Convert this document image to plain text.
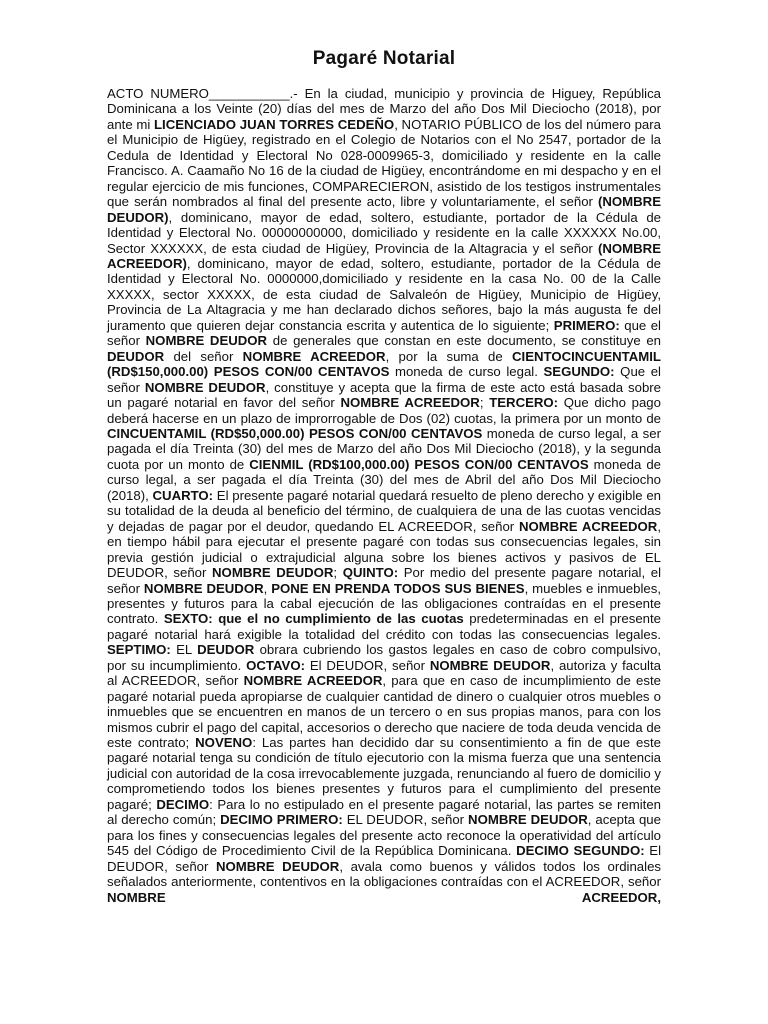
Pagaré Notarial

ACTO NUMERO___________.- En la ciudad, municipio y provincia de Higuey, República Dominicana a los Veinte (20) días del mes de Marzo del año Dos Mil Dieciocho (2018), por ante mi LICENCIADO JUAN TORRES CEDEÑO, NOTARIO PÚBLICO de los del número para el Municipio de Higüey, registrado en el Colegio de Notarios con el No 2547, portador de la Cedula de Identidad y Electoral No 028-0009965-3, domiciliado y residente en la calle Francisco. A. Caamaño No 16 de la ciudad de Higüey, encontrándome en mi despacho y en el regular ejercicio de mis funciones, COMPARECIERON, asistido de los testigos instrumentales que serán nombrados al final del presente acto, libre y voluntariamente, el señor (NOMBRE DEUDOR), dominicano, mayor de edad, soltero, estudiante, portador de la Cédula de Identidad y Electoral No. 00000000000, domiciliado y residente en la calle XXXXXX No.00, Sector XXXXXX, de esta ciudad de Higüey, Provincia de la Altagracia y el señor (NOMBRE ACREEDOR), dominicano, mayor de edad, soltero, estudiante, portador de la Cédula de Identidad y Electoral No. 0000000,domiciliado y residente en la casa No. 00 de la Calle XXXXX, sector XXXXX, de esta ciudad de Salvaleón de Higüey, Municipio de Higüey, Provincia de La Altagracia y me han declarado dichos señores, bajo la más augusta fe del juramento que quieren dejar constancia escrita y autentica de lo siguiente; PRIMERO: que el señor NOMBRE DEUDOR de generales que constan en este documento, se constituye en DEUDOR del señor NOMBRE ACREEDOR, por la suma de CIENTOCINCUENTAMIL (RD$150,000.00) PESOS CON/00 CENTAVOS moneda de curso legal. SEGUNDO: Que el señor NOMBRE DEUDOR, constituye y acepta que la firma de este acto está basada sobre un pagaré notarial en favor del señor NOMBRE ACREEDOR; TERCERO: Que dicho pago deberá hacerse en un plazo de improrrogable de Dos (02) cuotas, la primera por un monto de CINCUENTAMIL (RD$50,000.00) PESOS CON/00 CENTAVOS moneda de curso legal, a ser pagada el día Treinta (30) del mes de Marzo del año Dos Mil Dieciocho (2018), y la segunda cuota por un monto de CIENMIL (RD$100,000.00) PESOS CON/00 CENTAVOS moneda de curso legal, a ser pagada el día Treinta (30) del mes de Abril del año Dos Mil Dieciocho (2018), CUARTO: El presente pagaré notarial quedará resuelto de pleno derecho y exigible en su totalidad de la deuda al beneficio del término, de cualquiera de una de las cuotas vencidas y dejadas de pagar por el deudor, quedando EL ACREEDOR, señor NOMBRE ACREEDOR, en tiempo hábil para ejecutar el presente pagaré con todas sus consecuencias legales, sin previa gestión judicial o extrajudicial alguna sobre los bienes activos y pasivos de EL DEUDOR, señor NOMBRE DEUDOR; QUINTO: Por medio del presente pagare notarial, el señor NOMBRE DEUDOR, PONE EN PRENDA TODOS SUS BIENES, muebles e inmuebles, presentes y futuros para la cabal ejecución de las obligaciones contraídas en el presente contrato. SEXTO: que el no cumplimiento de las cuotas predeterminadas en el presente pagaré notarial hará exigible la totalidad del crédito con todas las consecuencias legales. SEPTIMO: EL DEUDOR obrara cubriendo los gastos legales en caso de cobro compulsivo, por su incumplimiento. OCTAVO: El DEUDOR, señor NOMBRE DEUDOR, autoriza y faculta al ACREEDOR, señor NOMBRE ACREEDOR, para que en caso de incumplimiento de este pagaré notarial pueda apropiarse de cualquier cantidad de dinero o cualquier otros muebles o inmuebles que se encuentren en manos de un tercero o en sus propias manos, para con los mismos cubrir el pago del capital, accesorios o derecho que naciere de toda deuda vencida de este contrato; NOVENO: Las partes han decidido dar su consentimiento a fin de que este pagaré notarial tenga su condición de título ejecutorio con la misma fuerza que una sentencia judicial con autoridad de la cosa irrevocablemente juzgada, renunciando al fuero de domicilio y comprometiendo todos los bienes presentes y futuros para el cumplimiento del presente pagaré; DECIMO: Para lo no estipulado en el presente pagaré notarial, las partes se remiten al derecho común; DECIMO PRIMERO: EL DEUDOR, señor NOMBRE DEUDOR, acepta que para los fines y consecuencias legales del presente acto reconoce la operatividad del artículo 545 del Código de Procedimiento Civil de la República Dominicana. DECIMO SEGUNDO: El DEUDOR, señor NOMBRE DEUDOR, avala como buenos y válidos todos los ordinales señalados anteriormente, contentivos en la obligaciones contraídas con el ACREEDOR, señor NOMBRE ACREEDOR,
